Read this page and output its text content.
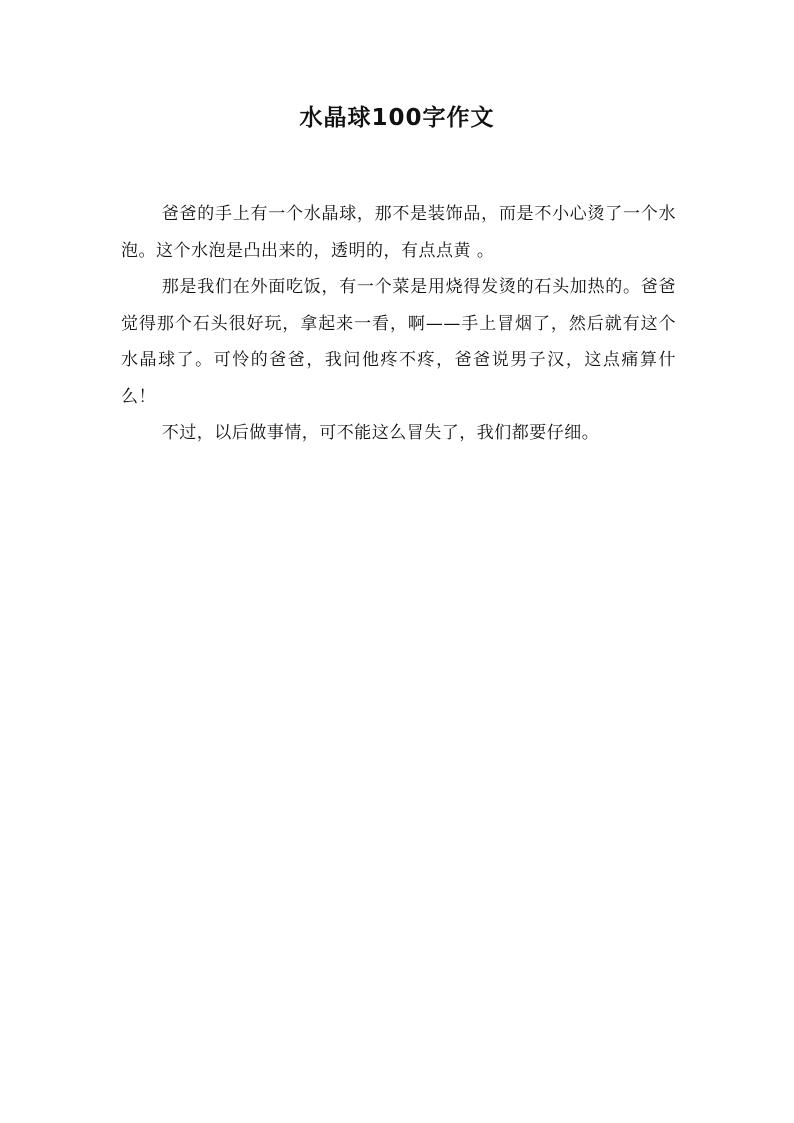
水晶球100字作文

爸爸的手上有一个水晶球，那不是装饰品，而是不小心烫了一个水泡。这个水泡是凸出来的，透明的，有点点黄 。

那是我们在外面吃饭，有一个菜是用烧得发烫的石头加热的。爸爸觉得那个石头很好玩，拿起来一看，啊——手上冒烟了，然后就有这个水晶球了。可怜的爸爸，我问他疼不疼，爸爸说男子汉，这点痛算什么！

不过，以后做事情，可不能这么冒失了，我们都要仔细。
